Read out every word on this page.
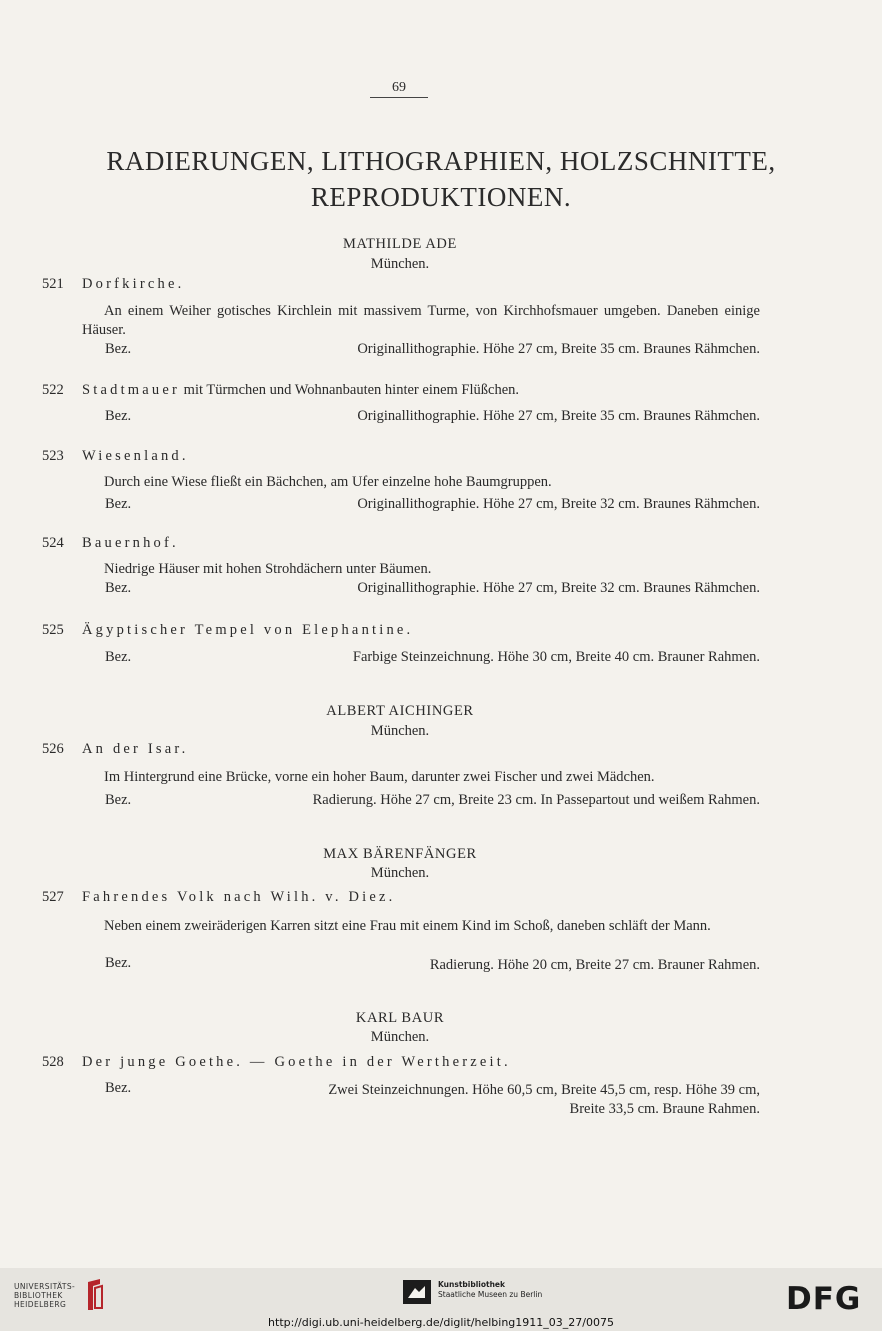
69
RADIERUNGEN, LITHOGRAPHIEN, HOLZSCHNITTE,
REPRODUKTIONEN.
MATHILDE ADE
München.
521 Dorfkirche.
An einem Weiher gotisches Kirchlein mit massivem Turme, von Kirchhofsmauer umgeben. Daneben einige Häuser.
Bez.	Originallithographie. Höhe 27 cm, Breite 35 cm. Braunes Rähmchen.
522 Stadtmauer mit Türmchen und Wohnanbauten hinter einem Flüßchen.
Bez.	Originallithographie. Höhe 27 cm, Breite 35 cm. Braunes Rähmchen.
523 Wiesenland.
Durch eine Wiese fließt ein Bächchen, am Ufer einzelne hohe Baumgruppen.
Bez.	Originallithographie. Höhe 27 cm, Breite 32 cm. Braunes Rähmchen.
524 Bauernhof.
Niedrige Häuser mit hohen Strohdächern unter Bäumen.
Bez.	Originallithographie. Höhe 27 cm, Breite 32 cm. Braunes Rähmchen.
525 Ägyptischer Tempel von Elephantine.
Bez.	Farbige Steinzeichnung. Höhe 30 cm, Breite 40 cm. Brauner Rahmen.
ALBERT AICHINGER
München.
526 An der Isar.
Im Hintergrund eine Brücke, vorne ein hoher Baum, darunter zwei Fischer und zwei Mädchen.
Bez.	Radierung. Höhe 27 cm, Breite 23 cm. In Passepartout und weißem Rahmen.
MAX BÄRENFÄNGER
München.
527 Fahrendes Volk nach Wilh. v. Diez.
Neben einem zweiräderigen Karren sitzt eine Frau mit einem Kind im Schoß, daneben schläft der Mann.
Bez.	Radierung. Höhe 20 cm, Breite 27 cm. Brauner Rahmen.
KARL BAUR
München.
528 Der junge Goethe. — Goethe in der Wertherzeit.
Bez.	Zwei Steinzeichnungen. Höhe 60,5 cm, Breite 45,5 cm, resp. Höhe 39 cm,
Breite 33,5 cm. Braune Rahmen.
UNIVERSITÄTS-
BIBLIOTHEK
HEIDELBERG
Kunstbibliothek
Staatliche Museen zu Berlin	DFG
http://digi.ub.uni-heidelberg.de/diglit/helbing1911_03_27/0075
